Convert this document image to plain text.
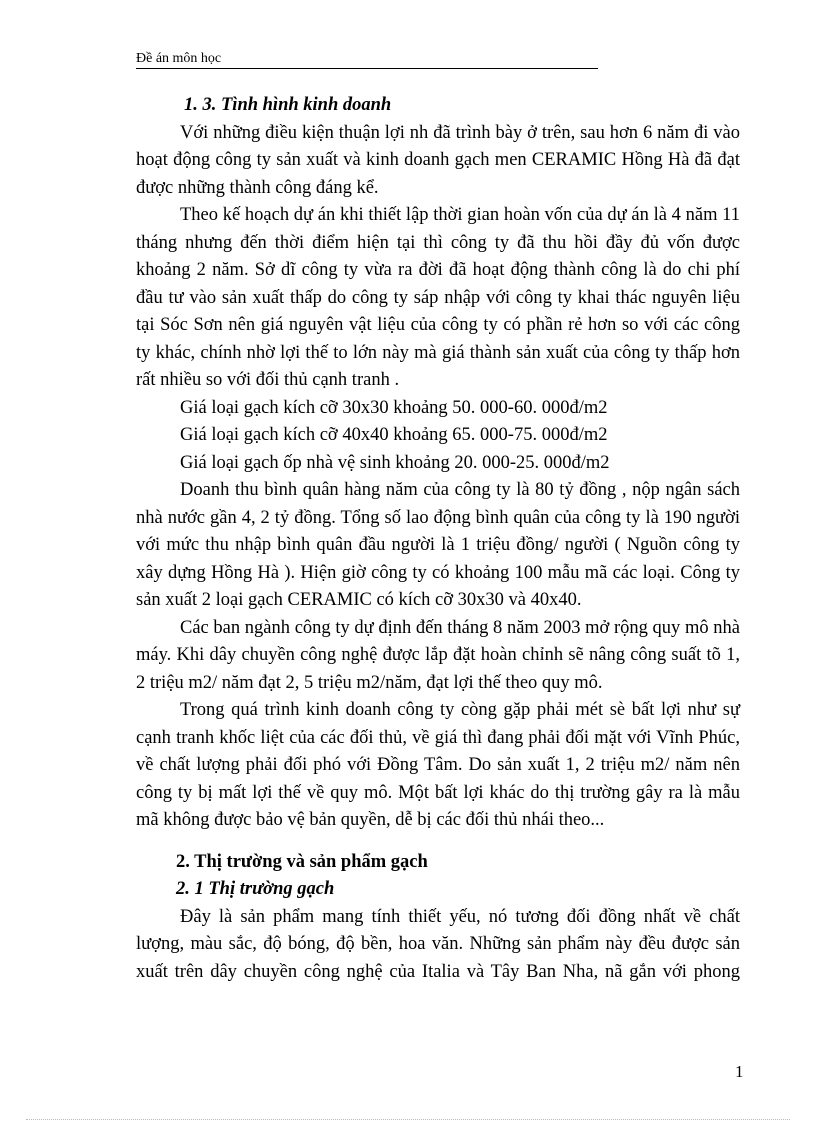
Đề án môn học

1. 3. Tình hình kinh doanh

Với những điều kiện thuận lợi nh đã trình bày ở trên, sau hơn 6 năm đi vào hoạt động công ty sản xuất và kinh doanh gạch men CERAMIC Hồng Hà đã đạt được những thành công đáng kể.

Theo kế hoạch dự án khi thiết lập thời gian hoàn vốn của dự án là 4 năm 11 tháng nhưng đến thời điểm hiện tại thì công ty đã thu hồi đầy đủ vốn được khoảng 2 năm. Sở dĩ công ty vừa ra đời đã hoạt động thành công là do chi phí đầu tư vào sản xuất thấp do công ty sáp nhập với công ty khai thác nguyên liệu tại Sóc Sơn nên giá nguyên vật liệu của công ty có phần rẻ hơn so với các công ty khác, chính nhờ lợi thế to lớn này mà giá thành sản xuất của công ty thấp hơn rất nhiều so với đối thủ cạnh tranh .

Giá loại gạch kích cỡ 30x30 khoảng 50. 000-60. 000đ/m2

Giá loại gạch kích cỡ 40x40 khoảng 65. 000-75. 000đ/m2

Giá loại gạch ốp nhà vệ sinh khoảng 20. 000-25. 000đ/m2

Doanh thu bình quân hàng năm của công ty là 80 tỷ đồng , nộp ngân sách nhà nước gần 4, 2 tỷ đồng. Tổng số lao động bình quân của công ty là 190 người với mức thu nhập bình quân đầu người là 1 triệu đồng/ người ( Nguồn công ty xây dựng Hồng Hà ). Hiện giờ công ty có khoảng 100 mẫu mã các loại. Công ty sản xuất 2 loại gạch CERAMIC có kích cỡ 30x30 và 40x40.

Các ban ngành công ty dự định đến tháng 8 năm 2003 mở rộng quy mô nhà máy. Khi dây chuyền công nghệ được lắp đặt hoàn chỉnh sẽ nâng công suất tõ 1, 2 triệu m2/ năm đạt 2, 5 triệu m2/năm, đạt lợi thế theo quy mô.

Trong quá trình kinh doanh công ty còng gặp phải mét sè bất lợi như sự cạnh tranh khốc liệt của các đối thủ, về giá thì đang phải đối mặt với Vĩnh Phúc, về chất lượng phải đối phó với Đồng Tâm. Do sản xuất 1, 2 triệu m2/ năm nên công ty bị mất lợi thế về quy mô. Một bất lợi khác do thị trường gây ra là mẫu mã không được bảo vệ bản quyền, dễ bị các đối thủ nhái theo...

2. Thị trường và sản phẩm gạch

2. 1 Thị trường gạch

Đây là sản phẩm mang tính thiết yếu, nó tương đối đồng nhất về chất lượng, màu sắc, độ bóng, độ bền, hoa văn. Những sản phẩm này đều được sản xuất trên dây chuyền công nghệ của Italia và Tây Ban Nha, nã gắn với phong

1
